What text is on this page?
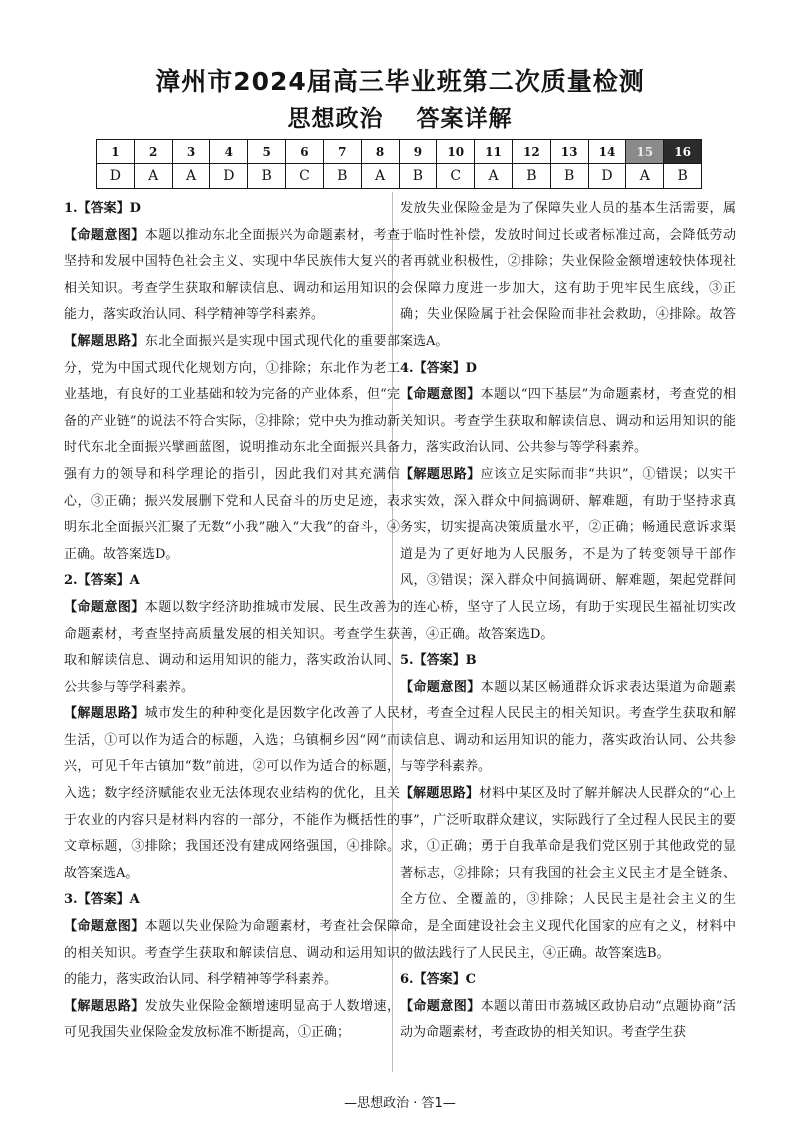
漳州市2024届高三毕业班第二次质量检测
思想政治 答案详解
1	2	3	4	5	6	7	8	9	10	11	12	13	14	15	16
D	A	A	D	B	C	B	A	B	C	A	B	B	D	A	B

1.【答案】D

【命题意图】本题以推动东北全面振兴为命题素材，考查坚持和发展中国特色社会主义、实现中华民族伟大复兴的相关知识。考查学生获取和解读信息、调动和运用知识的能力，落实政治认同、科学精神等学科素养。

【解题思路】东北全面振兴是实现中国式现代化的重要部分，党为中国式现代化规划方向，①排除；东北作为老工业基地，有良好的工业基础和较为完备的产业体系，但“完备的产业链”的说法不符合实际，②排除；党中央为推动新时代东北全面振兴擘画蓝图，说明推动东北全面振兴具备强有力的领导和科学理论的指引，因此我们对其充满信心，③正确；振兴发展删下党和人民奋斗的历史足迹，表明东北全面振兴汇聚了无数“小我”融入“大我”的奋斗，④正确。故答案选D。

2.【答案】A

【命题意图】本题以数字经济助推城市发展、民生改善为命题素材，考查坚持高质量发展的相关知识。考查学生获取和解读信息、调动和运用知识的能力，落实政治认同、公共参与等学科素养。

【解题思路】城市发生的种种变化是因数字化改善了人民生活，①可以作为适合的标题，入选；乌镇桐乡因“网”而兴，可见千年古镇加“数”前进，②可以作为适合的标题，入选；数字经济赋能农业无法体现农业结构的优化，且关于农业的内容只是材料内容的一部分，不能作为概括性的文章标题，③排除；我国还没有建成网络强国，④排除。故答案选A。

3.【答案】A

【命题意图】本题以失业保险为命题素材，考查社会保障的相关知识。考查学生获取和解读信息、调动和运用知识的能力，落实政治认同、科学精神等学科素养。

【解题思路】发放失业保险金额增速明显高于人数增速，可见我国失业保险金发放标准不断提高，①正确；

发放失业保险金是为了保障失业人员的基本生活需要，属于临时性补偿，发放时间过长或者标准过高，会降低劳动者再就业积极性，②排除；失业保险金额增速较快体现社会保障力度进一步加大，这有助于兜牢民生底线，③正确；失业保险属于社会保险而非社会救助，④排除。故答案选A。

4.【答案】D

【命题意图】本题以“四下基层”为命题素材，考查党的相关知识。考查学生获取和解读信息、调动和运用知识的能力，落实政治认同、公共参与等学科素养。

【解题思路】应该立足实际而非“共识”，①错误；以实干求实效，深入群众中间搞调研、解难题，有助于坚持求真务实，切实提高决策质量水平，②正确；畅通民意诉求渠道是为了更好地为人民服务，不是为了转变领导干部作风，③错误；深入群众中间搞调研、解难题，架起党群间的连心桥，坚守了人民立场，有助于实现民生福祉切实改善，④正确。故答案选D。

5.【答案】B

【命题意图】本题以某区畅通群众诉求表达渠道为命题素材，考查全过程人民民主的相关知识。考查学生获取和解读信息、调动和运用知识的能力，落实政治认同、公共参与等学科素养。

【解题思路】材料中某区及时了解并解决人民群众的“心上事”，广泛听取群众建议，实际践行了全过程人民民主的要求，①正确；勇于自我革命是我们党区别于其他政党的显著标志，②排除；只有我国的社会主义民主才是全链条、全方位、全覆盖的，③排除；人民民主是社会主义的生命，是全面建设社会主义现代化国家的应有之义，材料中的做法践行了人民民主，④正确。故答案选B。

6.【答案】C

【命题意图】本题以莆田市荔城区政协启动“点题协商”活动为命题素材，考查政协的相关知识。考查学生获

—思想政治 · 答1—
